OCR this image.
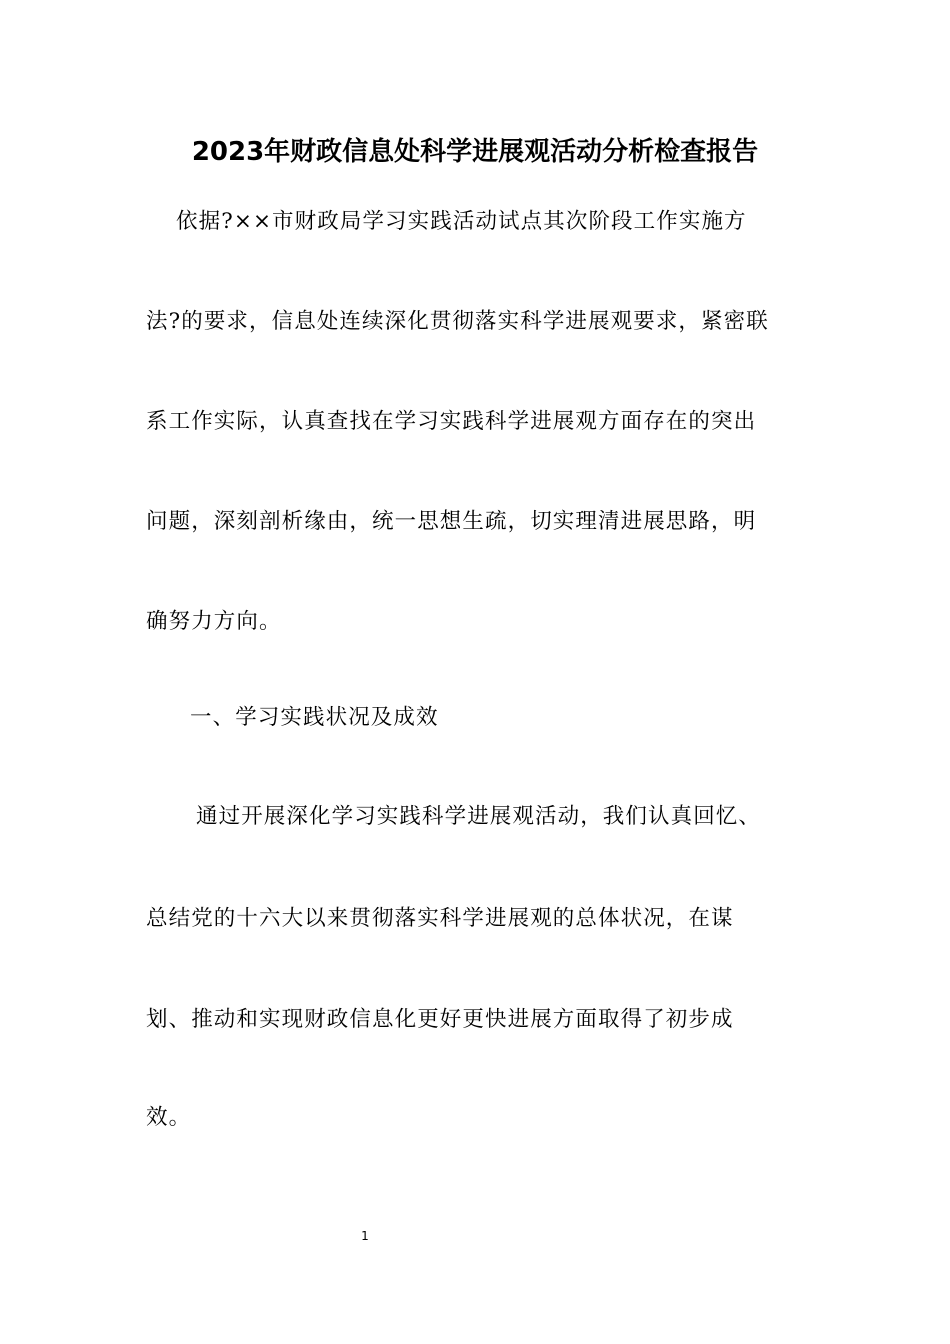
2023年财政信息处科学进展观活动分析检查报告
依据?××市财政局学习实践活动试点其次阶段工作实施方
法?的要求，信息处连续深化贯彻落实科学进展观要求，紧密联
系工作实际，认真查找在学习实践科学进展观方面存在的突出
问题，深刻剖析缘由，统一思想生疏，切实理清进展思路，明
确努力方向。
一、学习实践状况及成效
通过开展深化学习实践科学进展观活动，我们认真回忆、
总结党的十六大以来贯彻落实科学进展观的总体状况，在谋
划、推动和实现财政信息化更好更快进展方面取得了初步成
效。
1
